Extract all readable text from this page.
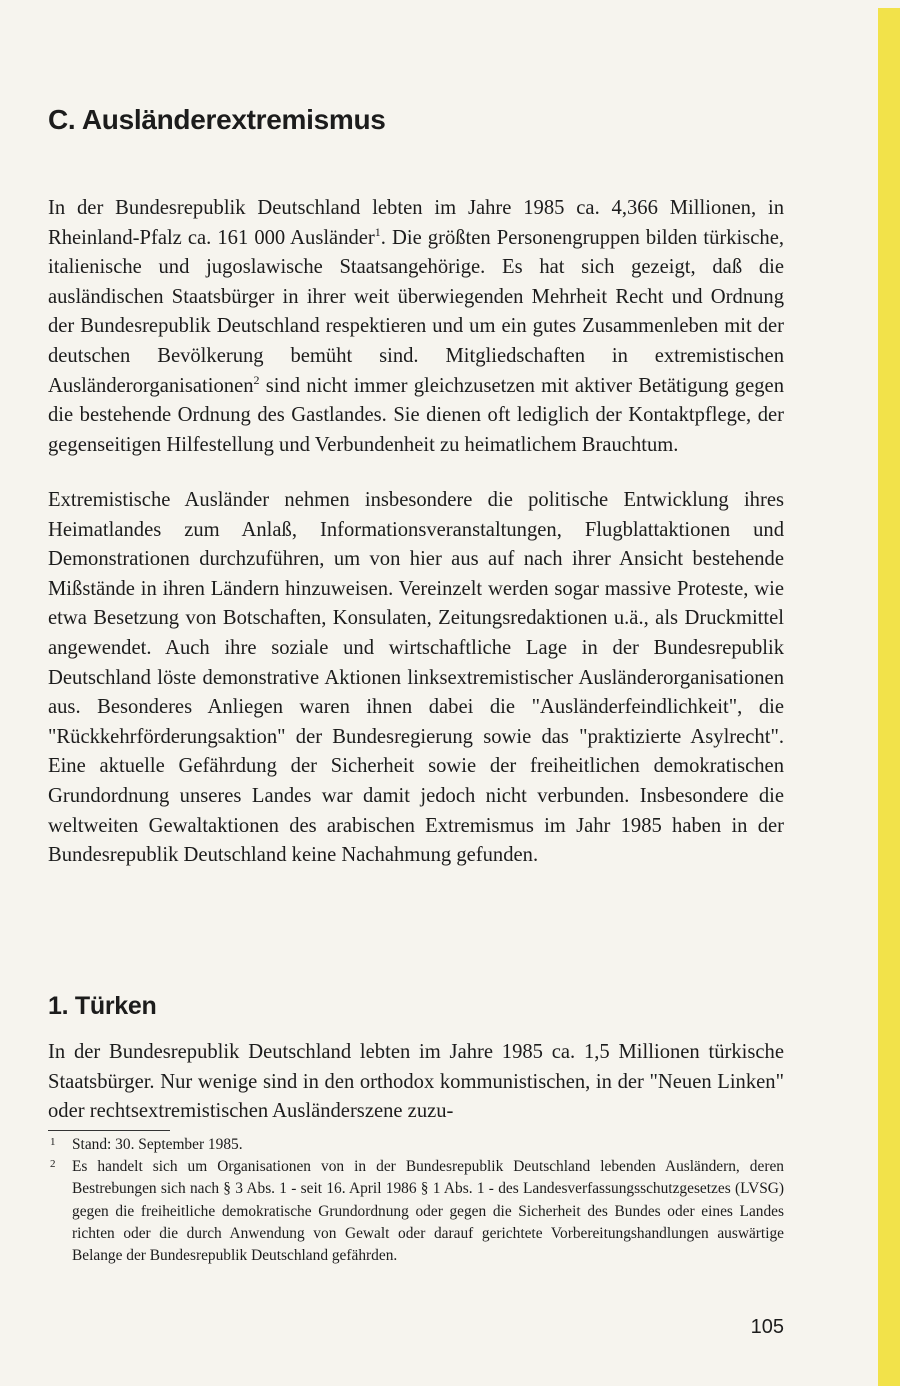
C. Ausländerextremismus

In der Bundesrepublik Deutschland lebten im Jahre 1985 ca. 4,366 Millionen, in Rheinland-Pfalz ca. 161 000 Ausländer$^1$. Die größten Personengruppen bilden türkische, italienische und jugoslawische Staatsangehörige. Es hat sich gezeigt, daß die ausländischen Staatsbürger in ihrer weit überwiegenden Mehrheit Recht und Ordnung der Bundesrepublik Deutschland respektieren und um ein gutes Zusammenleben mit der deutschen Bevölkerung bemüht sind. Mitgliedschaften in extremistischen Ausländerorganisationen$^2$ sind nicht immer gleichzusetzen mit aktiver Betätigung gegen die bestehende Ordnung des Gastlandes. Sie dienen oft lediglich der Kontaktpflege, der gegenseitigen Hilfestellung und Verbundenheit zu heimatlichem Brauchtum.

Extremistische Ausländer nehmen insbesondere die politische Entwicklung ihres Heimatlandes zum Anlaß, Informationsveranstaltungen, Flugblattaktionen und Demonstrationen durchzuführen, um von hier aus auf nach ihrer Ansicht bestehende Mißstände in ihren Ländern hinzuweisen. Vereinzelt werden sogar massive Proteste, wie etwa Besetzung von Botschaften, Konsulaten, Zeitungsredaktionen u.ä., als Druckmittel angewendet. Auch ihre soziale und wirtschaftliche Lage in der Bundesrepublik Deutschland löste demonstrative Aktionen linksextremistischer Ausländerorganisationen aus. Besonderes Anliegen waren ihnen dabei die "Ausländerfeindlichkeit", die "Rückkehrförderungsaktion" der Bundesregierung sowie das "praktizierte Asylrecht". Eine aktuelle Gefährdung der Sicherheit sowie der freiheitlichen demokratischen Grundordnung unseres Landes war damit jedoch nicht verbunden. Insbesondere die weltweiten Gewaltaktionen des arabischen Extremismus im Jahr 1985 haben in der Bundesrepublik Deutschland keine Nachahmung gefunden.

1. Türken

In der Bundesrepublik Deutschland lebten im Jahre 1985 ca. 1,5 Millionen türkische Staatsbürger. Nur wenige sind in den orthodox kommunistischen, in der "Neuen Linken" oder rechtsextremistischen Ausländerszene zuzu-

1 Stand: 30. September 1985.
2 Es handelt sich um Organisationen von in der Bundesrepublik Deutschland lebenden Ausländern, deren Bestrebungen sich nach § 3 Abs. 1 - seit 16. April 1986 § 1 Abs. 1 - des Landesverfassungsschutzgesetzes (LVSG) gegen die freiheitliche demokratische Grundordnung oder gegen die Sicherheit des Bundes oder eines Landes richten oder die durch Anwendung von Gewalt oder darauf gerichtete Vorbereitungshandlungen auswärtige Belange der Bundesrepublik Deutschland gefährden.
105
